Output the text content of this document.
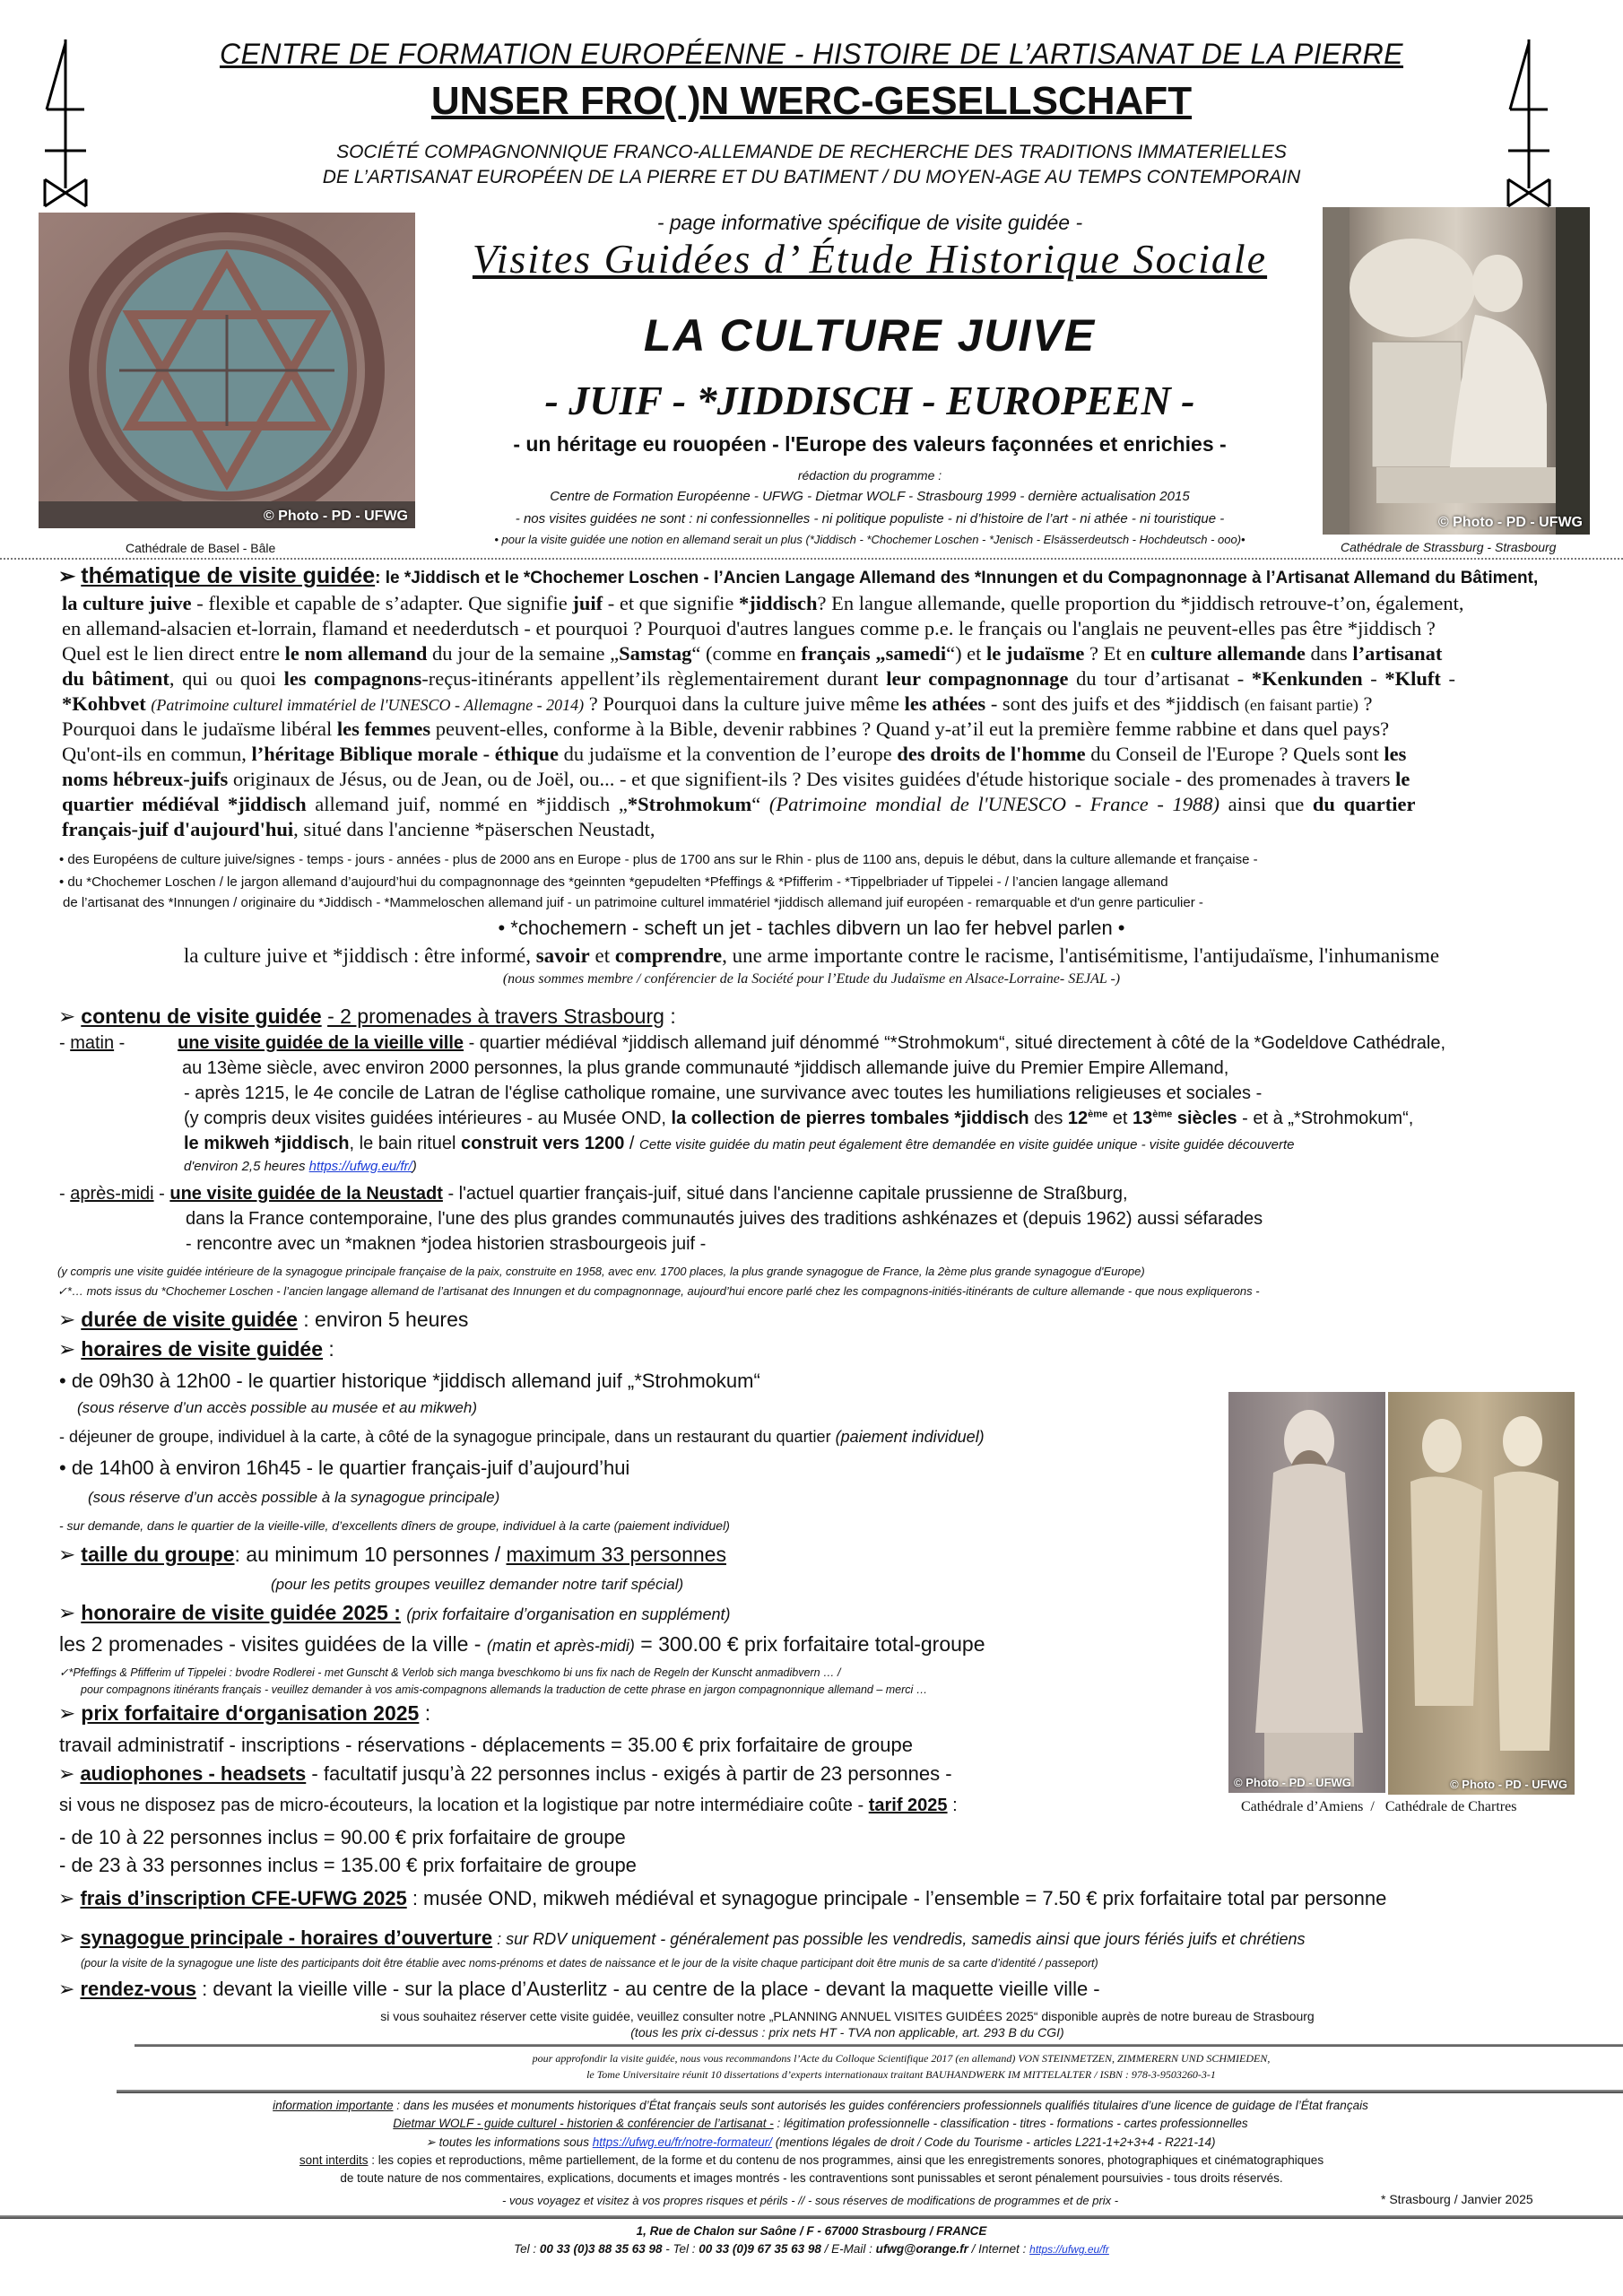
CENTRE DE FORMATION EUROPÉENNE - HISTOIRE DE L’ARTISANAT DE LA PIERRE
UNSER FRO( )N WERC-GESELLSCHAFT
SOCIÉTÉ COMPAGNONNIQUE FRANCO-ALLEMANDE DE RECHERCHE DES TRADITIONS IMMATERIELLES
DE L’ARTISANAT EUROPÉEN DE LA PIERRE ET DU BATIMENT / DU MOYEN-AGE AU TEMPS CONTEMPORAIN
© Photo - PD - UFWG
Cathédrale de Basel - Bâle
© Photo - PD - UFWG
Cathédrale de Strassburg - Strasbourg
- page informative spécifique de visite guidée -
Visites Guidées d’ Étude Historique Sociale
LA CULTURE JUIVE
- JUIF - *JIDDISCH - EUROPEEN -
- un héritage eu rouopéen - l'Europe des valeurs façonnées et enrichies -
rédaction du programme :
Centre de Formation Européenne - UFWG - Dietmar WOLF - Strasbourg 1999 - dernière actualisation 2015
- nos visites guidées ne sont : ni confessionnelles - ni politique populiste - ni d’histoire de l’art - ni athée - ni touristique -
• pour la visite guidée une notion en allemand serait un plus (*Jiddisch - *Chochemer Loschen - *Jenisch - Elsässerdeutsch - Hochdeutsch - ooo)•
➢ thématique de visite guidée: le *Jiddisch et le *Chochemer Loschen - l’Ancien Langage Allemand des *Innungen et du Compagnonnage à l’Artisanat Allemand du Bâtiment,
la culture juive - flexible et capable de s’adapter. Que signifie juif - et que signifie *jiddisch? En langue allemande, quelle proportion du *jiddisch retrouve-t’on, également,
en allemand-alsacien et-lorrain, flamand et neederdutsch - et pourquoi ? Pourquoi d'autres langues comme p.e. le français ou l'anglais ne peuvent-elles pas être *jiddisch ?
Quel est le lien direct entre le nom allemand du jour de la semaine „Samstag“ (comme en français „samedi“) et le judaïsme ? Et en culture allemande dans l’artisanat
du bâtiment, qui ou quoi les compagnons-reçus-itinérants appellent’ils règlementairement durant leur compagnonnage du tour d’artisanat - *Kenkunden - *Kluft -
*Kohbvet (Patrimoine culturel immatériel de l'UNESCO - Allemagne - 2014) ? Pourquoi dans la culture juive même les athées - sont des juifs et des *jiddisch (en faisant partie) ?
Pourquoi dans le judaïsme libéral les femmes peuvent-elles, conforme à la Bible, devenir rabbines ? Quand y-at’il eut la première femme rabbine et dans quel pays?
Qu'ont-ils en commun, l’héritage Biblique morale - éthique du judaïsme et la convention de l’europe des droits de l'homme du Conseil de l'Europe ? Quels sont les
noms hébreux-juifs originaux de Jésus, ou de Jean, ou de Joël, ou... - et que signifient-ils ? Des visites guidées d'étude historique sociale - des promenades à travers le
quartier médiéval *jiddisch allemand juif, nommé en *jiddisch „*Strohmokum“ (Patrimoine mondial de l'UNESCO - France - 1988) ainsi que du quartier
français-juif d'aujourd'hui, situé dans l'ancienne *päserschen Neustadt,
• des Européens de culture juive/signes - temps - jours - années - plus de 2000 ans en Europe - plus de 1700 ans sur le Rhin - plus de 1100 ans, depuis le début, dans la culture allemande et française -
• du *Chochemer Loschen / le jargon allemand d’aujourd’hui du compagnonnage des *geinnten *gepudelten *Pfeffings & *Pfifferim - *Tippelbriader uf Tippelei - / l’ancien langage allemand
de l’artisanat des *Innungen / originaire du *Jiddisch - *Mammeloschen allemand juif - un patrimoine culturel immatériel *jiddisch allemand juif européen - remarquable et d'un genre particulier -
• *chochemern - scheft un jet - tachles dibvern un lao fer hebvel parlen •
la culture juive et *jiddisch : être informé, savoir et comprendre, une arme importante contre le racisme, l'antisémitisme, l'antijudaïsme, l'inhumanisme
(nous sommes membre / conférencier de la Société pour l’Etude du Judaïsme en Alsace-Lorraine- SEJAL -)
➢ contenu de visite guidée - 2 promenades à travers Strasbourg :
- matin -	une visite guidée de la vieille ville - quartier médiéval *jiddisch allemand juif dénommé “*Strohmokum“, situé directement à côté de la *Godeldove Cathédrale,
au 13ème siècle, avec environ 2000 personnes, la plus grande communauté *jiddisch allemande juive du Premier Empire Allemand,
- après 1215, le 4e concile de Latran de l'église catholique romaine, une survivance avec toutes les humiliations religieuses et sociales -
(y compris deux visites guidées intérieures - au Musée OND, la collection de pierres tombales *jiddisch des 12ème et 13ème siècles - et à „*Strohmokum“,
le mikweh *jiddisch, le bain rituel construit vers 1200 / Cette visite guidée du matin peut également être demandée en visite guidée unique - visite guidée découverte
d'environ 2,5 heures https://ufwg.eu/fr/)
- après-midi - une visite guidée de la Neustadt - l'actuel quartier français-juif, situé dans l'ancienne capitale prussienne de Straßburg,
dans la France contemporaine, l'une des plus grandes communautés juives des traditions ashkénazes et (depuis 1962) aussi séfarades
- rencontre avec un *maknen *jodea historien strasbourgeois juif -
(y compris une visite guidée intérieure de la synagogue principale française de la paix, construite en 1958, avec env. 1700 places, la plus grande synagogue de France, la 2ème plus grande synagogue d'Europe)
✓*… mots issus du *Chochemer Loschen - l’ancien langage allemand de l’artisanat des Innungen et du compagnonnage, aujourd’hui encore parlé chez les compagnons-initiés-itinérants de culture allemande - que nous expliquerons -
➢ durée de visite guidée : environ 5 heures
➢ horaires de visite guidée :
• de 09h30 à 12h00 - le quartier historique *jiddisch allemand juif „*Strohmokum“
(sous réserve d’un accès possible au musée et au mikweh)
- déjeuner de groupe, individuel à la carte, à côté de la synagogue principale, dans un restaurant du quartier (paiement individuel)
• de 14h00 à environ 16h45 - le quartier français-juif d’aujourd’hui
(sous réserve d’un accès possible à la synagogue principale)
- sur demande, dans le quartier de la vieille-ville, d’excellents dîners de groupe, individuel à la carte (paiement individuel)
➢ taille du groupe: au minimum 10 personnes / maximum 33 personnes
(pour les petits groupes veuillez demander notre tarif spécial)
➢ honoraire de visite guidée 2025 : (prix forfaitaire d’organisation en supplément)
les 2 promenades - visites guidées de la ville - (matin et après-midi) = 300.00 € prix forfaitaire total-groupe
✓*Pfeffings & Pfifferim uf Tippelei : bvodre Rodlerei - met Gunscht & Verlob sich manga bveschkomo bi uns fix nach de Regeln der Kunscht anmadibvern … /
pour compagnons itinérants français - veuillez demander à vos amis-compagnons allemands la traduction de cette phrase en jargon compagnonnique allemand – merci …
➢ prix forfaitaire d‘organisation 2025 :
travail administratif - inscriptions - réservations - déplacements = 35.00 € prix forfaitaire de groupe
➢ audiophones - headsets - facultatif jusqu’à 22 personnes inclus - exigés à partir de 23 personnes -
si vous ne disposez pas de micro-écouteurs, la location et la logistique par notre intermédiaire coûte - tarif 2025 :
- de 10 à 22 personnes inclus = 90.00 € prix forfaitaire de groupe
- de 23 à 33 personnes inclus = 135.00 € prix forfaitaire de groupe
➢ frais d’inscription CFE-UFWG 2025 : musée OND, mikweh médiéval et synagogue principale - l’ensemble = 7.50 € prix forfaitaire total par personne
➢ synagogue principale - horaires d’ouverture : sur RDV uniquement - généralement pas possible les vendredis, samedis ainsi que jours fériés juifs et chrétiens
(pour la visite de la synagogue une liste des participants doit être établie avec noms-prénoms et dates de naissance et le jour de la visite chaque participant doit être munis de sa carte d’identité / passeport)
➢ rendez-vous : devant la vieille ville - sur la place d’Austerlitz - au centre de la place - devant la maquette vieille ville -
si vous souhaitez réserver cette visite guidée, veuillez consulter notre „PLANNING ANNUEL VISITES GUIDÉES 2025“ disponible auprès de notre bureau de Strasbourg
(tous les prix ci-dessus : prix nets HT - TVA non applicable, art. 293 B du CGI)
© Photo - PD - UFWG	© Photo - PD - UFWG
Cathédrale d’Amiens / Cathédrale de Chartres
pour approfondir la visite guidée, nous vous recommandons l’Acte du Colloque Scientifique 2017 (en allemand) VON STEINMETZEN, ZIMMERERN UND SCHMIEDEN,
le Tome Universitaire réunit 10 dissertations d’experts internationaux traitant BAUHANDWERK IM MITTELALTER / ISBN : 978-3-9503260-3-1
information importante : dans les musées et monuments historiques d’État français seuls sont autorisés les guides conférenciers professionnels qualifiés titulaires d’une licence de guidage de l’État français
Dietmar WOLF - guide culturel - historien & conférencier de l’artisanat - : légitimation professionnelle - classification - titres - formations - cartes professionnelles
➢ toutes les informations sous https://ufwg.eu/fr/notre-formateur/ (mentions légales de droit / Code du Tourisme - articles L221-1+2+3+4 - R221-14)
sont interdits : les copies et reproductions, même partiellement, de la forme et du contenu de nos programmes, ainsi que les enregistrements sonores, photographiques et cinématographiques
de toute nature de nos commentaires, explications, documents et images montrés - les contraventions sont punissables et seront pénalement poursuivies - tous droits réservés.
- vous voyagez et visitez à vos propres risques et périls - // - sous réserves de modifications de programmes et de prix -	* Strasbourg / Janvier 2025
1, Rue de Chalon sur Saône / F - 67000 Strasbourg / FRANCE
Tel : 00 33 (0)3 88 35 63 98 - Tel : 00 33 (0)9 67 35 63 98 / E-Mail : ufwg@orange.fr / Internet : https://ufwg.eu/fr
